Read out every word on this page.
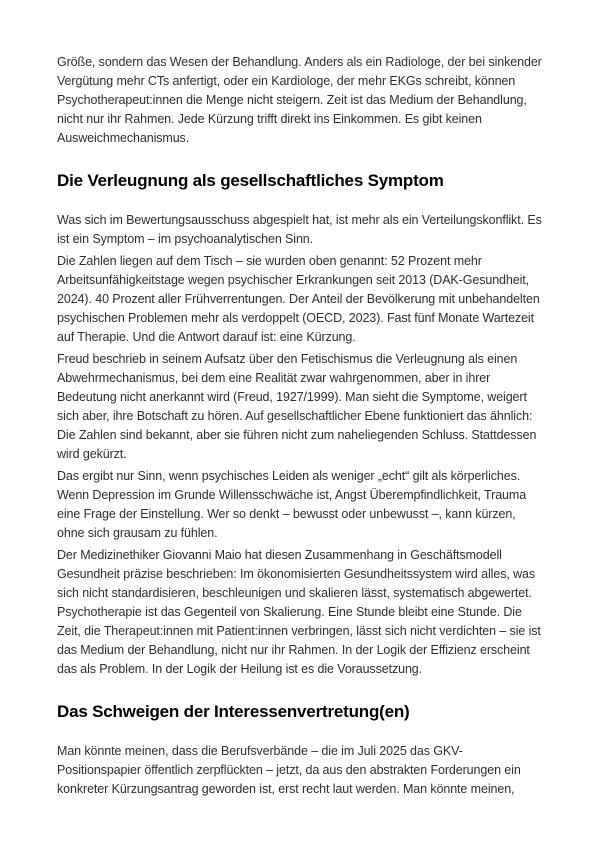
Größe, sondern das Wesen der Behandlung. Anders als ein Radiologe, der bei sinkender Vergütung mehr CTs anfertigt, oder ein Kardiologe, der mehr EKGs schreibt, können Psychotherapeut:innen die Menge nicht steigern. Zeit ist das Medium der Behandlung, nicht nur ihr Rahmen. Jede Kürzung trifft direkt ins Einkommen. Es gibt keinen Ausweichmechanismus.

Die Verleugnung als gesellschaftliches Symptom

Was sich im Bewertungsausschuss abgespielt hat, ist mehr als ein Verteilungskonflikt. Es ist ein Symptom – im psychoanalytischen Sinn.

Die Zahlen liegen auf dem Tisch – sie wurden oben genannt: 52 Prozent mehr Arbeitsunfähigkeitstage wegen psychischer Erkrankungen seit 2013 (DAK-Gesundheit, 2024). 40 Prozent aller Frühverrentungen. Der Anteil der Bevölkerung mit unbehandelten psychischen Problemen mehr als verdoppelt (OECD, 2023). Fast fünf Monate Wartezeit auf Therapie. Und die Antwort darauf ist: eine Kürzung.

Freud beschrieb in seinem Aufsatz über den Fetischismus die Verleugnung als einen Abwehrmechanismus, bei dem eine Realität zwar wahrgenommen, aber in ihrer Bedeutung nicht anerkannt wird (Freud, 1927/1999). Man sieht die Symptome, weigert sich aber, ihre Botschaft zu hören. Auf gesellschaftlicher Ebene funktioniert das ähnlich: Die Zahlen sind bekannt, aber sie führen nicht zum naheliegenden Schluss. Stattdessen wird gekürzt.

Das ergibt nur Sinn, wenn psychisches Leiden als weniger „echt“ gilt als körperliches. Wenn Depression im Grunde Willensschwäche ist, Angst Überempfindlichkeit, Trauma eine Frage der Einstellung. Wer so denkt – bewusst oder unbewusst –, kann kürzen, ohne sich grausam zu fühlen.

Der Medizinethiker Giovanni Maio hat diesen Zusammenhang in Geschäftsmodell Gesundheit präzise beschrieben: Im ökonomisierten Gesundheitssystem wird alles, was sich nicht standardisieren, beschleunigen und skalieren lässt, systematisch abgewertet. Psychotherapie ist das Gegenteil von Skalierung. Eine Stunde bleibt eine Stunde. Die Zeit, die Therapeut:innen mit Patient:innen verbringen, lässt sich nicht verdichten – sie ist das Medium der Behandlung, nicht nur ihr Rahmen. In der Logik der Effizienz erscheint das als Problem. In der Logik der Heilung ist es die Voraussetzung.

Das Schweigen der Interessenvertretung(en)

Man könnte meinen, dass die Berufsverbände – die im Juli 2025 das GKV-Positionspapier öffentlich zerpflückten – jetzt, da aus den abstrakten Forderungen ein konkreter Kürzungsantrag geworden ist, erst recht laut werden. Man könnte meinen,
